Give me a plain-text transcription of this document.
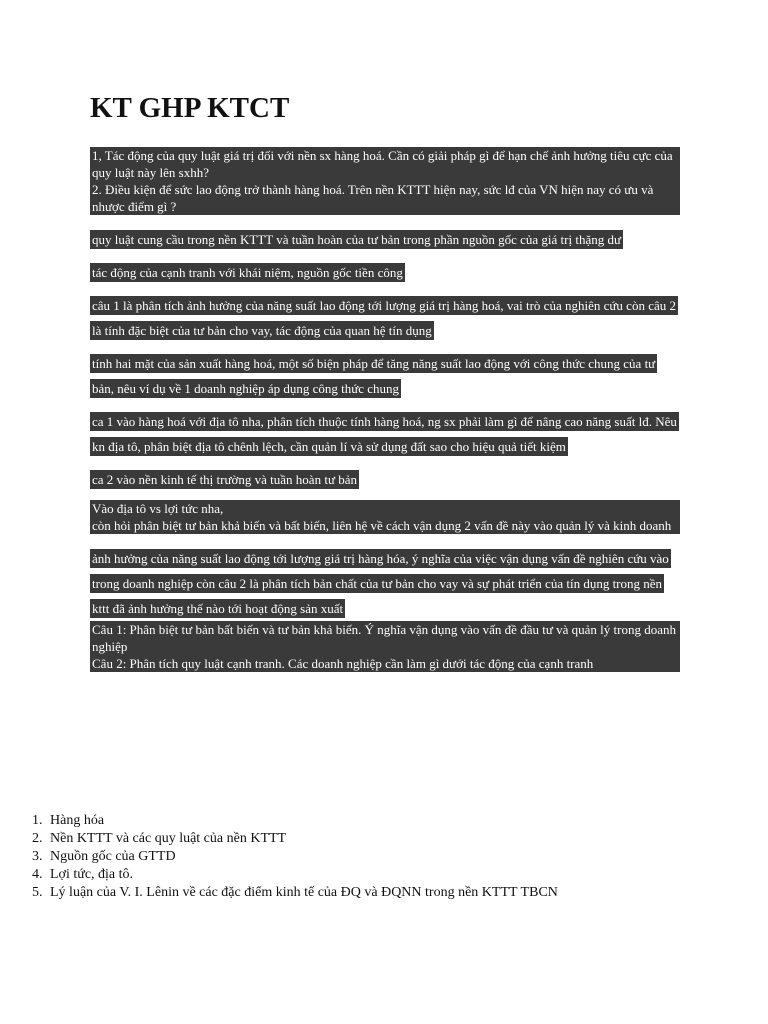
KT GHP KTCT

1, Tác động của quy luật giá trị đối với nền sx hàng hoá. Cần có giải pháp gì để hạn chế ảnh hưởng tiêu cực của quy luật này lên sxhh?

2. Điều kiện để sức lao động trở thành hàng hoá. Trên nền KTTT hiện nay, sức lđ của VN hiện nay có ưu và nhược điểm gì ?

quy luật cung cầu trong nền KTTT và tuần hoàn của tư bản trong phần nguồn gốc của giá trị thặng dư

tác động của cạnh tranh với khái niệm, nguồn gốc tiền công

câu 1 là phân tích ảnh hưởng của năng suất lao động tới lượng giá trị hàng hoá, vai trò của nghiên cứu còn câu 2 là tính đặc biệt của tư bản cho vay, tác động của quan hệ tín dụng

tính hai mặt của sản xuất hàng hoá, một số biện pháp để tăng năng suất lao động với công thức chung của tư bản, nêu ví dụ về 1 doanh nghiệp áp dụng công thức chung

ca 1 vào hàng hoá với địa tô nha, phân tích thuộc tính hàng hoá, ng sx phải làm gì để nâng cao năng suất lđ. Nêu kn địa tô, phân biệt địa tô chênh lệch, cần quản lí và sử dụng đất sao cho hiệu quả tiết kiệm

ca 2 vào nền kinh tế thị trường và tuần hoàn tư bản

Vào địa tô vs lợi tức nha,

còn hỏi phân biệt tư bản khả biến và bất biến, liên hệ về cách vận dụng 2 vấn đề này vào quản lý và kinh doanh

ảnh hưởng của năng suất lao động tới lượng giá trị hàng hóa, ý nghĩa của việc vận dụng vấn đề nghiên cứu vào trong doanh nghiệp còn câu 2 là phân tích bản chất của tư bản cho vay và sự phát triển của tín dụng trong nền kttt đã ảnh hưởng thế nào tới hoạt động sản xuất

Câu 1: Phân biệt tư bản bất biến và tư bản khả biến. Ý nghĩa vận dụng vào vấn đề đầu tư và quản lý trong doanh nghiệp

Câu 2: Phân tích quy luật cạnh tranh. Các doanh nghiệp cần làm gì dưới tác động của cạnh tranh

1. Hàng hóa
2. Nền KTTT và các quy luật của nền KTTT
3. Nguồn gốc của GTTD
4. Lợi tức, địa tô.
5. Lý luận của V. I. Lênin về các đặc điểm kinh tế của ĐQ và ĐQNN trong nền KTTT TBCN
